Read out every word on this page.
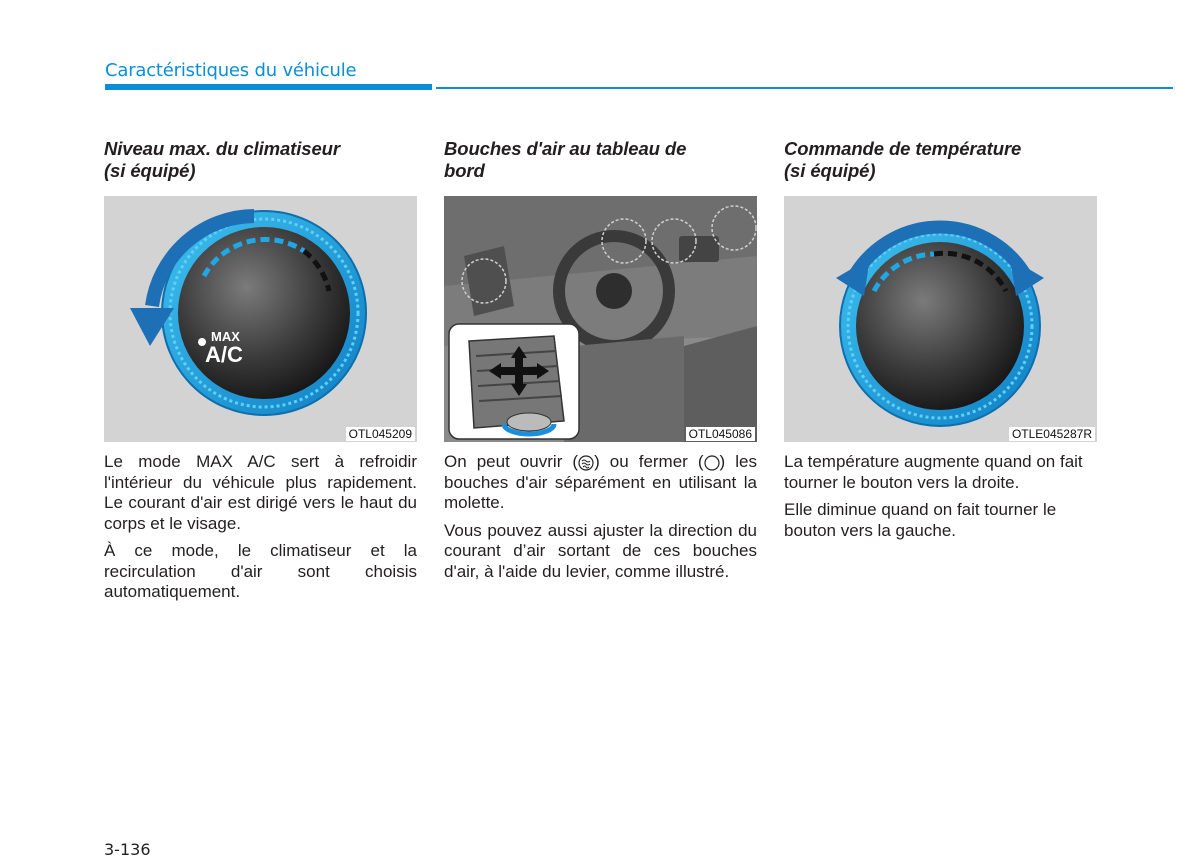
Caractéristiques du véhicule
Niveau max. du climatiseur
(si équipé)
MAX
A/C
OTL045209

Le mode MAX A/C sert à refroidir l'intérieur du véhicule plus rapidement. Le courant d'air est dirigé vers le haut du corps et le visage.

À ce mode, le climatiseur et la recirculation d'air sont choisis automatiquement.

Bouches d'air au tableau de
bord
OTL045086

On peut ouvrir ( ) ou fermer ( ) les bouches d'air séparément en utilisant la molette.

Vous pouvez aussi ajuster la direction du courant d’air sortant de ces bouches d'air, à l'aide du levier, comme illustré.

Commande de température
(si équipé)
OTLE045287R

La température augmente quand on fait tourner le bouton vers la droite.

Elle diminue quand on fait tourner le bouton vers la gauche.

3-136
